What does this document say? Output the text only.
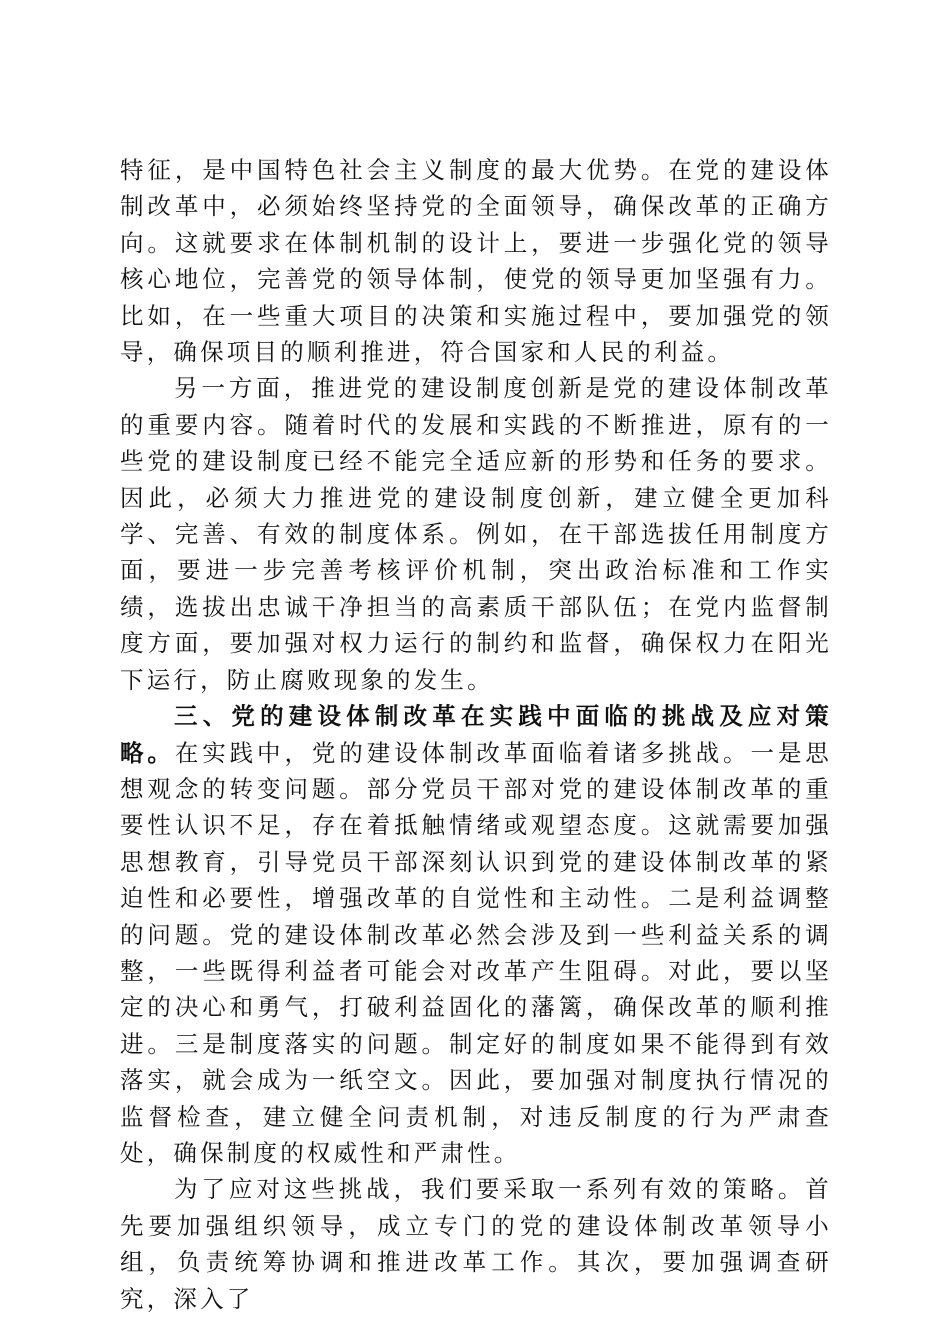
特征，是中国特色社会主义制度的最大优势。在党的建设体制改革中，必须始终坚持党的全面领导，确保改革的正确方向。这就要求在体制机制的设计上，要进一步强化党的领导核心地位，完善党的领导体制，使党的领导更加坚强有力。比如，在一些重大项目的决策和实施过程中，要加强党的领导，确保项目的顺利推进，符合国家和人民的利益。

另一方面，推进党的建设制度创新是党的建设体制改革的重要内容。随着时代的发展和实践的不断推进，原有的一些党的建设制度已经不能完全适应新的形势和任务的要求。因此，必须大力推进党的建设制度创新，建立健全更加科学、完善、有效的制度体系。例如，在干部选拔任用制度方面，要进一步完善考核评价机制，突出政治标准和工作实绩，选拔出忠诚干净担当的高素质干部队伍；在党内监督制度方面，要加强对权力运行的制约和监督，确保权力在阳光下运行，防止腐败现象的发生。

三、党的建设体制改革在实践中面临的挑战及应对策略。在实践中，党的建设体制改革面临着诸多挑战。一是思想观念的转变问题。部分党员干部对党的建设体制改革的重要性认识不足，存在着抵触情绪或观望态度。这就需要加强思想教育，引导党员干部深刻认识到党的建设体制改革的紧迫性和必要性，增强改革的自觉性和主动性。二是利益调整的问题。党的建设体制改革必然会涉及到一些利益关系的调整，一些既得利益者可能会对改革产生阻碍。对此，要以坚定的决心和勇气，打破利益固化的藩篱，确保改革的顺利推进。三是制度落实的问题。制定好的制度如果不能得到有效落实，就会成为一纸空文。因此，要加强对制度执行情况的监督检查，建立健全问责机制，对违反制度的行为严肃查处，确保制度的权威性和严肃性。

为了应对这些挑战，我们要采取一系列有效的策略。首先要加强组织领导，成立专门的党的建设体制改革领导小组，负责统筹协调和推进改革工作。其次，要加强调查研究，深入了
